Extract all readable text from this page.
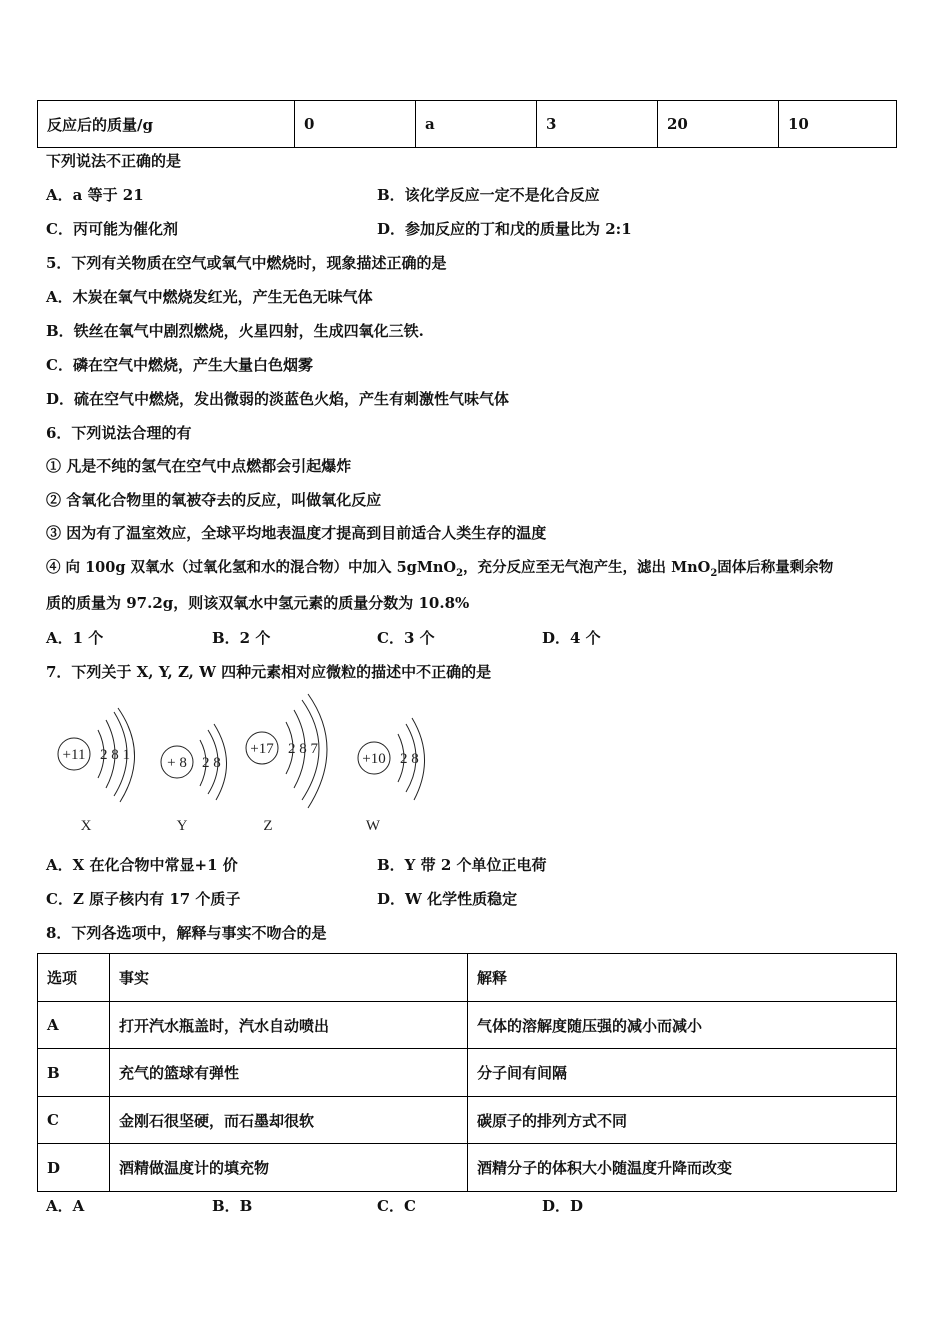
反应后的质量/g	0	a	3	20	10
下列说法不正确的是
A．a 等于 21	B．该化学反应一定不是化合反应
C．丙可能为催化剂	D．参加反应的丁和戊的质量比为 2:1
5．下列有关物质在空气或氧气中燃烧时，现象描述正确的是
A．木炭在氧气中燃烧发红光，产生无色无味气体
B．铁丝在氧气中剧烈燃烧，火星四射，生成四氧化三铁.
C．磷在空气中燃烧，产生大量白色烟雾
D．硫在空气中燃烧，发出微弱的淡蓝色火焰，产生有刺激性气味气体
6．下列说法合理的有
① 凡是不纯的氢气在空气中点燃都会引起爆炸
② 含氧化合物里的氧被夺去的反应，叫做氧化反应
③ 因为有了温室效应，全球平均地表温度才提高到目前适合人类生存的温度
④ 向 100g 双氧水（过氧化氢和水的混合物）中加入 5gMnO$_2$，充分反应至无气泡产生，滤出 MnO$_2$固体后称量剩余物
质的质量为 97.2g，则该双氧水中氢元素的质量分数为 10.8%
A．1 个	B．2 个	C．3 个	D．4 个
7．下列关于 X, Y, Z, W 四种元素相对应微粒的描述中不正确的是
+11 2 8 1 + 8 2 8
+17 2 8 7
+10 2 8
X	Y	Z	W
A．X 在化合物中常显+1 价	B．Y 带 2 个单位正电荷
C．Z 原子核内有 17 个质子	D．W 化学性质稳定
8．下列各选项中，解释与事实不吻合的是
选项	事实	解释
A	打开汽水瓶盖时，汽水自动喷出	气体的溶解度随压强的减小而减小
B	充气的篮球有弹性	分子间有间隔
C	金刚石很坚硬，而石墨却很软	碳原子的排列方式不同
D	酒精做温度计的填充物	酒精分子的体积大小随温度升降而改变
A．A	B．B	C．C	D．D
